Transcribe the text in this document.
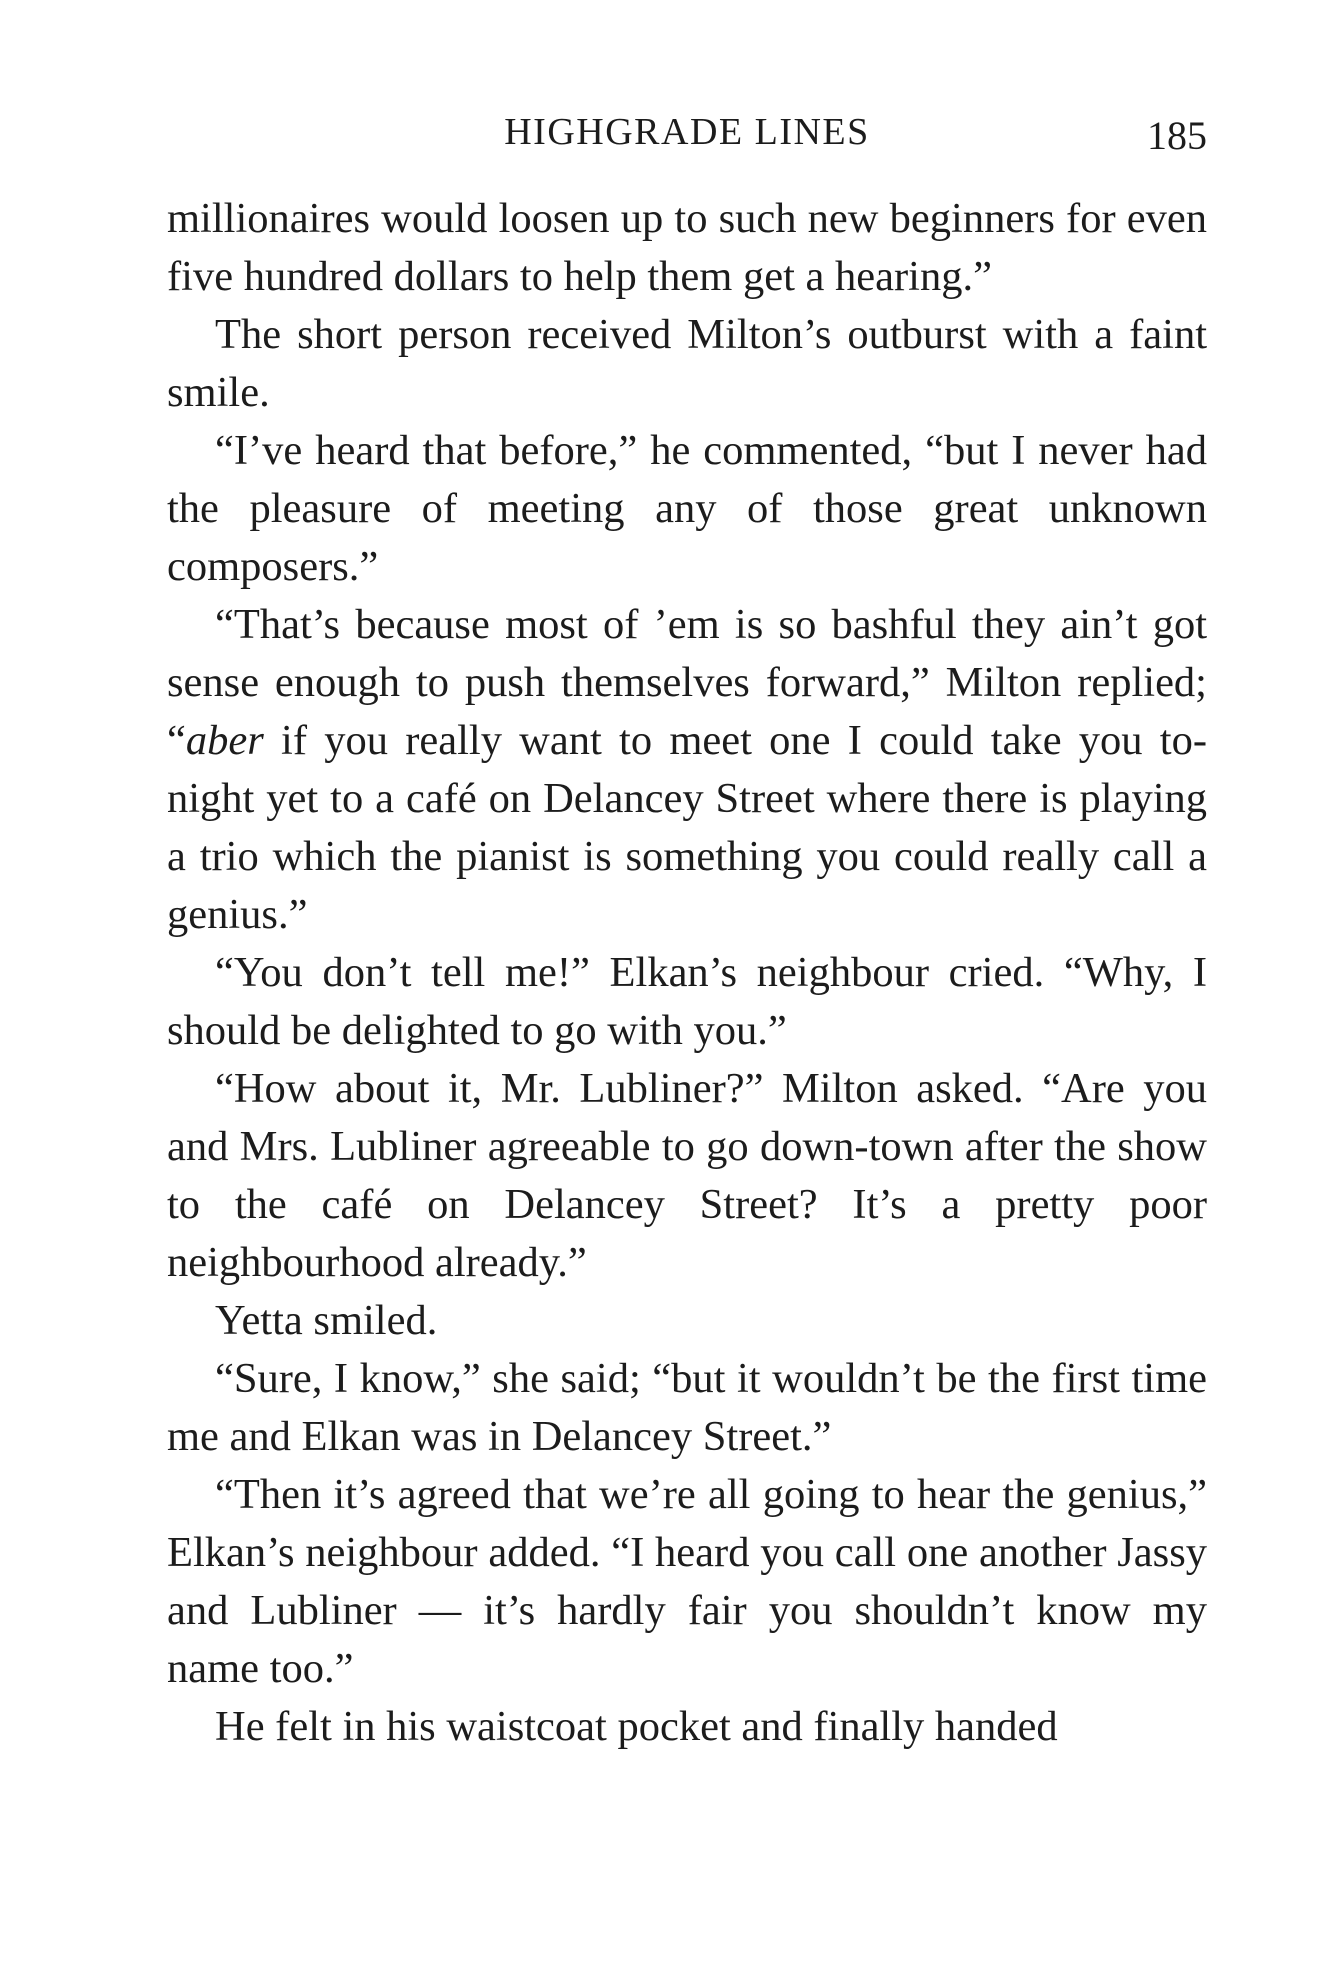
HIGHGRADE LINES	185

millionaires would loosen up to such new beginners for even five hundred dollars to help them get a hearing.”

The short person received Milton’s outburst with a faint smile.

“I’ve heard that before,” he commented, “but I never had the pleasure of meeting any of those great unknown composers.”

“That’s because most of ’em is so bashful they ain’t got sense enough to push themselves forward,” Milton replied; “aber if you really want to meet one I could take you to-night yet to a café on Delancey Street where there is playing a trio which the pianist is something you could really call a genius.”

“You don’t tell me!” Elkan’s neighbour cried. “Why, I should be delighted to go with you.”

“How about it, Mr. Lubliner?” Milton asked. “Are you and Mrs. Lubliner agreeable to go down-town after the show to the café on Delancey Street? It’s a pretty poor neighbourhood already.”

Yetta smiled.

“Sure, I know,” she said; “but it wouldn’t be the first time me and Elkan was in Delancey Street.”

“Then it’s agreed that we’re all going to hear the genius,” Elkan’s neighbour added. “I heard you call one another Jassy and Lubliner — it’s hardly fair you shouldn’t know my name too.”

He felt in his waistcoat pocket and finally handed
